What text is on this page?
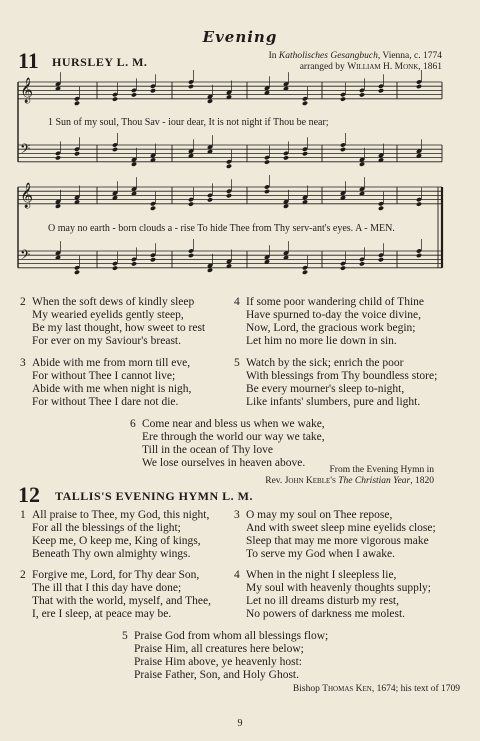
Evening
11 HURSLEY L. M.	In Katholisches Gesangbuch, Vienna, c. 1774
arranged by William H. Monk, 1861
𝄞
𝄢
𝄞
𝄢
1 Sun of my soul, Thou Sav - iour dear, It is not night if Thou be near;
O may no earth - born clouds a - rise To hide Thee from Thy serv-ant's eyes. A - MEN.
2 When the soft dews of kindly sleep
My wearied eyelids gently steep,
Be my last thought, how sweet to rest
For ever on my Saviour's breast.
3 Abide with me from morn till eve,
For without Thee I cannot live;
Abide with me when night is nigh,
For without Thee I dare not die.
4 If some poor wandering child of Thine
Have spurned to-day the voice divine,
Now, Lord, the gracious work begin;
Let him no more lie down in sin.
5 Watch by the sick; enrich the poor
With blessings from Thy boundless store;
Be every mourner's sleep to-night,
Like infants' slumbers, pure and light.
6 Come near and bless us when we wake,
Ere through the world our way we take,
Till in the ocean of Thy love
We lose ourselves in heaven above.
From the Evening Hymn in
Rev. John Keble's The Christian Year, 1820
12 TALLIS'S EVENING HYMN L. M.
1 All praise to Thee, my God, this night,
For all the blessings of the light;
Keep me, O keep me, King of kings,
Beneath Thy own almighty wings.
2 Forgive me, Lord, for Thy dear Son,
The ill that I this day have done;
That with the world, myself, and Thee,
I, ere I sleep, at peace may be.
3 O may my soul on Thee repose,
And with sweet sleep mine eyelids close;
Sleep that may me more vigorous make
To serve my God when I awake.
4 When in the night I sleepless lie,
My soul with heavenly thoughts supply;
Let no ill dreams disturb my rest,
No powers of darkness me molest.
5 Praise God from whom all blessings flow;
Praise Him, all creatures here below;
Praise Him above, ye heavenly host:
Praise Father, Son, and Holy Ghost.
Bishop Thomas Ken, 1674; his text of 1709
9
